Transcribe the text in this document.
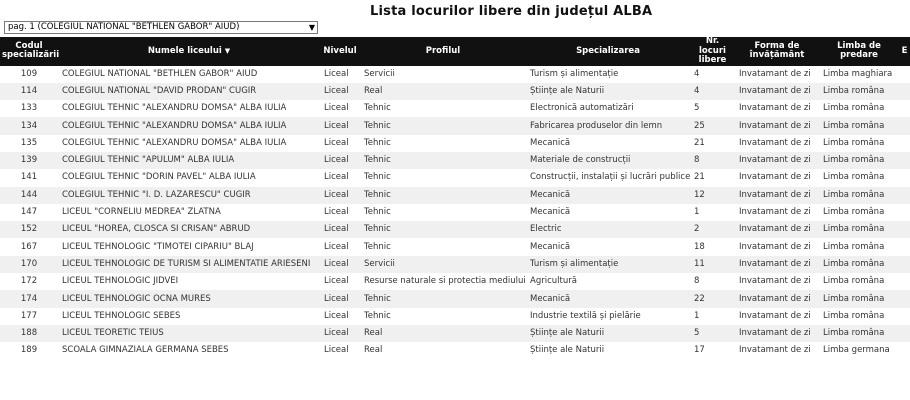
Lista locurilor libere din județul ALBA
pag. 1 (COLEGIUL NATIONAL "BETHLEN GABOR" AIUD)	▼
Codul specializării	Numele liceului ▼	Nivelul	Profilul	Specializarea	Nr. locuri libere	Forma de învățământ	Limba de predare	E
109	COLEGIUL NATIONAL "BETHLEN GABOR" AIUD	Liceal	Servicii	Turism și alimentație	4	Invatamant de zi	Limba maghiara	
114	COLEGIUL NATIONAL "DAVID PRODAN" CUGIR	Liceal	Real	Științe ale Naturii	4	Invatamant de zi	Limba româna	
133	COLEGIUL TEHNIC "ALEXANDRU DOMSA" ALBA IULIA	Liceal	Tehnic	Electronică automatizări	5	Invatamant de zi	Limba româna	
134	COLEGIUL TEHNIC "ALEXANDRU DOMSA" ALBA IULIA	Liceal	Tehnic	Fabricarea produselor din lemn	25	Invatamant de zi	Limba româna	
135	COLEGIUL TEHNIC "ALEXANDRU DOMSA" ALBA IULIA	Liceal	Tehnic	Mecanică	21	Invatamant de zi	Limba româna	
139	COLEGIUL TEHNIC "APULUM" ALBA IULIA	Liceal	Tehnic	Materiale de construcții	8	Invatamant de zi	Limba româna	
141	COLEGIUL TEHNIC "DORIN PAVEL" ALBA IULIA	Liceal	Tehnic	Construcții, instalații și lucrări publice	21	Invatamant de zi	Limba româna	
144	COLEGIUL TEHNIC "I. D. LAZARESCU" CUGIR	Liceal	Tehnic	Mecanică	12	Invatamant de zi	Limba româna	
147	LICEUL "CORNELIU MEDREA" ZLATNA	Liceal	Tehnic	Mecanică	1	Invatamant de zi	Limba româna	
152	LICEUL "HOREA, CLOSCA SI CRISAN" ABRUD	Liceal	Tehnic	Electric	2	Invatamant de zi	Limba româna	
167	LICEUL TEHNOLOGIC "TIMOTEI CIPARIU" BLAJ	Liceal	Tehnic	Mecanică	18	Invatamant de zi	Limba româna	
170	LICEUL TEHNOLOGIC DE TURISM SI ALIMENTATIE ARIESENI	Liceal	Servicii	Turism și alimentație	11	Invatamant de zi	Limba româna	
172	LICEUL TEHNOLOGIC JIDVEI	Liceal	Resurse naturale si protectia mediului	Agricultură	8	Invatamant de zi	Limba româna	
174	LICEUL TEHNOLOGIC OCNA MURES	Liceal	Tehnic	Mecanică	22	Invatamant de zi	Limba româna	
177	LICEUL TEHNOLOGIC SEBES	Liceal	Tehnic	Industrie textilă și pielărie	1	Invatamant de zi	Limba româna	
188	LICEUL TEORETIC TEIUS	Liceal	Real	Științe ale Naturii	5	Invatamant de zi	Limba româna	
189	SCOALA GIMNAZIALA GERMANA SEBES	Liceal	Real	Științe ale Naturii	17	Invatamant de zi	Limba germana	
